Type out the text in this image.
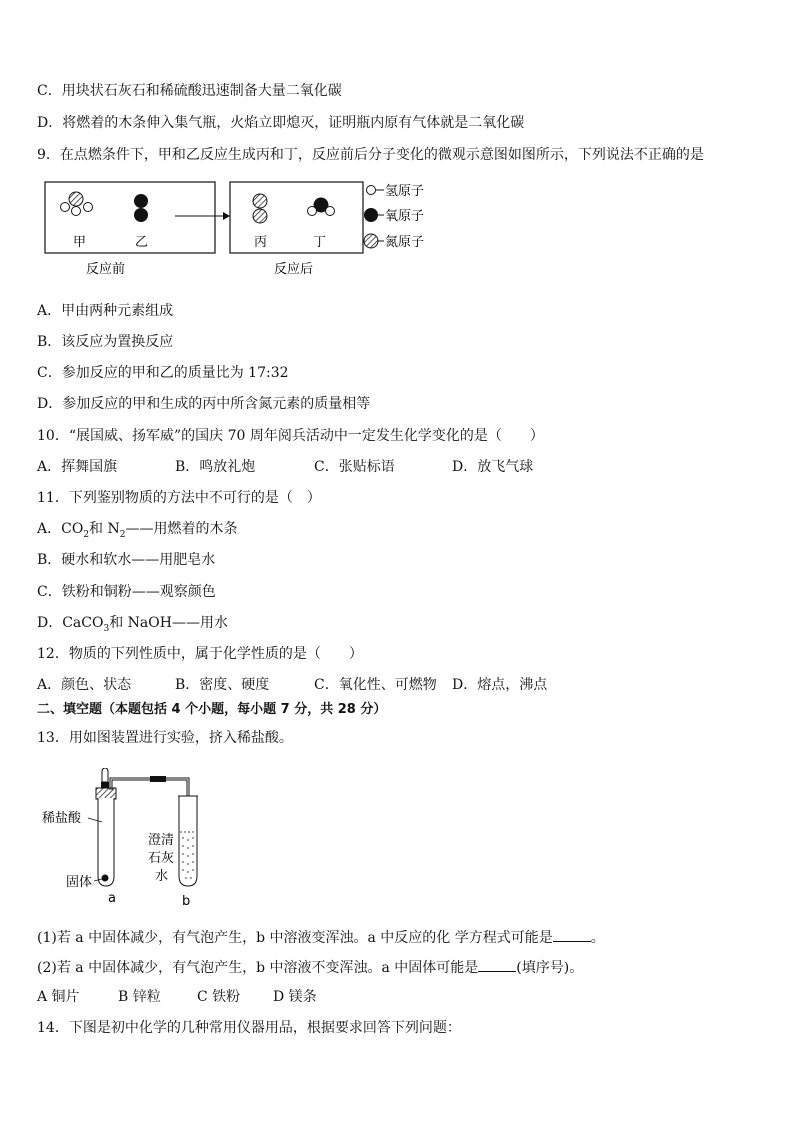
C．用块状石灰石和稀硫酸迅速制备大量二氧化碳
D．将燃着的木条伸入集气瓶，火焰立即熄灭，证明瓶内原有气体就是二氧化碳
9．在点燃条件下，甲和乙反应生成丙和丁，反应前后分子变化的微观示意图如图所示，下列说法不正确的是
甲	乙	丙	丁
氢原子
氧原子
氮原子
反应前	反应后
A．甲由两种元素组成
B．该反应为置换反应
C．参加反应的甲和乙的质量比为 17:32
D．参加反应的甲和生成的丙中所含氮元素的质量相等
10．“展国威、扬军威”的国庆 70 周年阅兵活动中一定发生化学变化的是（　　）
A．挥舞国旗	B．鸣放礼炮	C．张贴标语	D．放飞气球
11．下列鉴别物质的方法中不可行的是（　）
A．$CO_2$和 $N_2——$用燃着的木条
B．硬水和软水——用肥皂水
C．铁粉和铜粉——观察颜色
D．CaCO$_3$和 NaOH——用水
12．物质的下列性质中，属于化学性质的是（　　）
A．颜色、状态	B．密度、硬度	C．氧化性、可燃物 D．熔点，沸点
二、填空题（本题包括 4 个小题，每小题 7 分，共 28 分）
13．用如图装置进行实验，挤入稀盐酸。
稀盐酸
固体
澄清
石灰
水
a	b
(1)若 a 中固体减少，有气泡产生，b 中溶液变浑浊。a 中反应的化 学方程式可能是	。
(2)若 a 中固体减少，有气泡产生，b 中溶液不变浑浊。a 中固体可能是	(填序号)。
A 铜片	B 锌粒	C 铁粉 D 镁条
14．下图是初中化学的几种常用仪器用品，根据要求回答下列问题：
